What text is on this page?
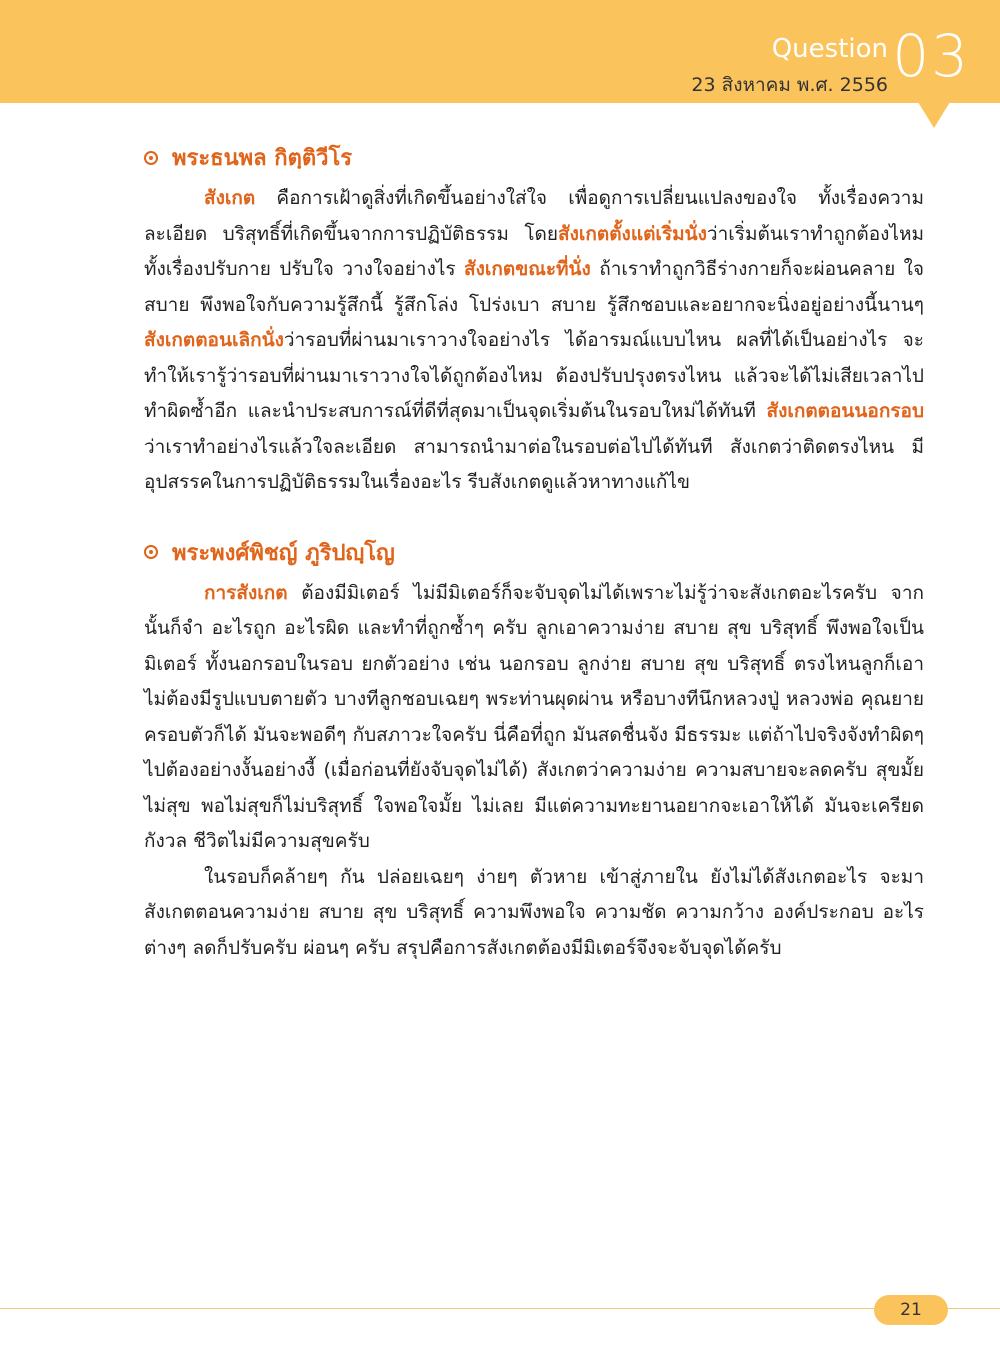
Question
23 สิงหาคม พ.ศ. 2556 03
พระธนพล กิตฺติวีโร

สังเกต คือการเฝ้าดูสิ่งที่เกิดขึ้นอย่างใส่ใจ เพื่อดูการเปลี่ยนแปลงของใจ ทั้งเรื่องความละเอียด บริสุทธิ์ที่เกิดขึ้นจากการปฏิบัติธรรม โดยสังเกตตั้งแต่เริ่มนั่งว่าเริ่มต้นเราทำถูกต้องไหม ทั้งเรื่องปรับกาย ปรับใจ วางใจอย่างไร สังเกตขณะที่นั่ง ถ้าเราทำถูกวิธีร่างกายก็จะผ่อนคลาย ใจสบาย พึงพอใจกับความรู้สึกนี้ รู้สึกโล่ง โปร่งเบา สบาย รู้สึกชอบและอยากจะนิ่งอยู่อย่างนี้นานๆ สังเกตตอนเลิกนั่งว่ารอบที่ผ่านมาเราวางใจอย่างไร ได้อารมณ์แบบไหน ผลที่ได้เป็นอย่างไร จะทำให้เรารู้ว่ารอบที่ผ่านมาเราวางใจได้ถูกต้องไหม ต้องปรับปรุงตรงไหน แล้วจะได้ไม่เสียเวลาไปทำผิดซ้ำอีก และนำประสบการณ์ที่ดีที่สุดมาเป็นจุดเริ่มต้นในรอบใหม่ได้ทันที สังเกตตอนนอกรอบว่าเราทำอย่างไรแล้วใจละเอียด สามารถนำมาต่อในรอบต่อไปได้ทันที สังเกตว่าติดตรงไหน มีอุปสรรคในการปฏิบัติธรรมในเรื่องอะไร รีบสังเกตดูแล้วหาทางแก้ไข

พระพงศ์พิชญ์ ภูริปญฺโญ

การสังเกต ต้องมีมิเตอร์ ไม่มีมิเตอร์ก็จะจับจุดไม่ได้เพราะไม่รู้ว่าจะสังเกตอะไรครับ จากนั้นก็จำ อะไรถูก อะไรผิด และทำที่ถูกซ้ำๆ ครับ ลูกเอาความง่าย สบาย สุข บริสุทธิ์ พึงพอใจเป็นมิเตอร์ ทั้งนอกรอบในรอบ ยกตัวอย่าง เช่น นอกรอบ ลูกง่าย สบาย สุข บริสุทธิ์ ตรงไหนลูกก็เอา ไม่ต้องมีรูปแบบตายตัว บางทีลูกชอบเฉยๆ พระท่านผุดผ่าน หรือบางทีนึกหลวงปู่ หลวงพ่อ คุณยาย ครอบตัวก็ได้ มันจะพอดีๆ กับสภาวะใจครับ นี่คือที่ถูก มันสดชื่นจัง มีธรรมะ แต่ถ้าไปจริงจังทำผิดๆ ไปต้องอย่างงั้นอย่างงี้ (เมื่อก่อนที่ยังจับจุดไม่ได้) สังเกตว่าความง่าย ความสบายจะลดครับ สุขมั้ย ไม่สุข พอไม่สุขก็ไม่บริสุทธิ์ ใจพอใจมั้ย ไม่เลย มีแต่ความทะยานอยากจะเอาให้ได้ มันจะเครียด กังวล ชีวิตไม่มีความสุขครับ

ในรอบก็คล้ายๆ กัน ปล่อยเฉยๆ ง่ายๆ ตัวหาย เข้าสู่ภายใน ยังไม่ได้สังเกตอะไร จะมาสังเกตตอนความง่าย สบาย สุข บริสุทธิ์ ความพึงพอใจ ความชัด ความกว้าง องค์ประกอบ อะไรต่างๆ ลดก็ปรับครับ ผ่อนๆ ครับ สรุปคือการสังเกตต้องมีมิเตอร์จึงจะจับจุดได้ครับ

21
